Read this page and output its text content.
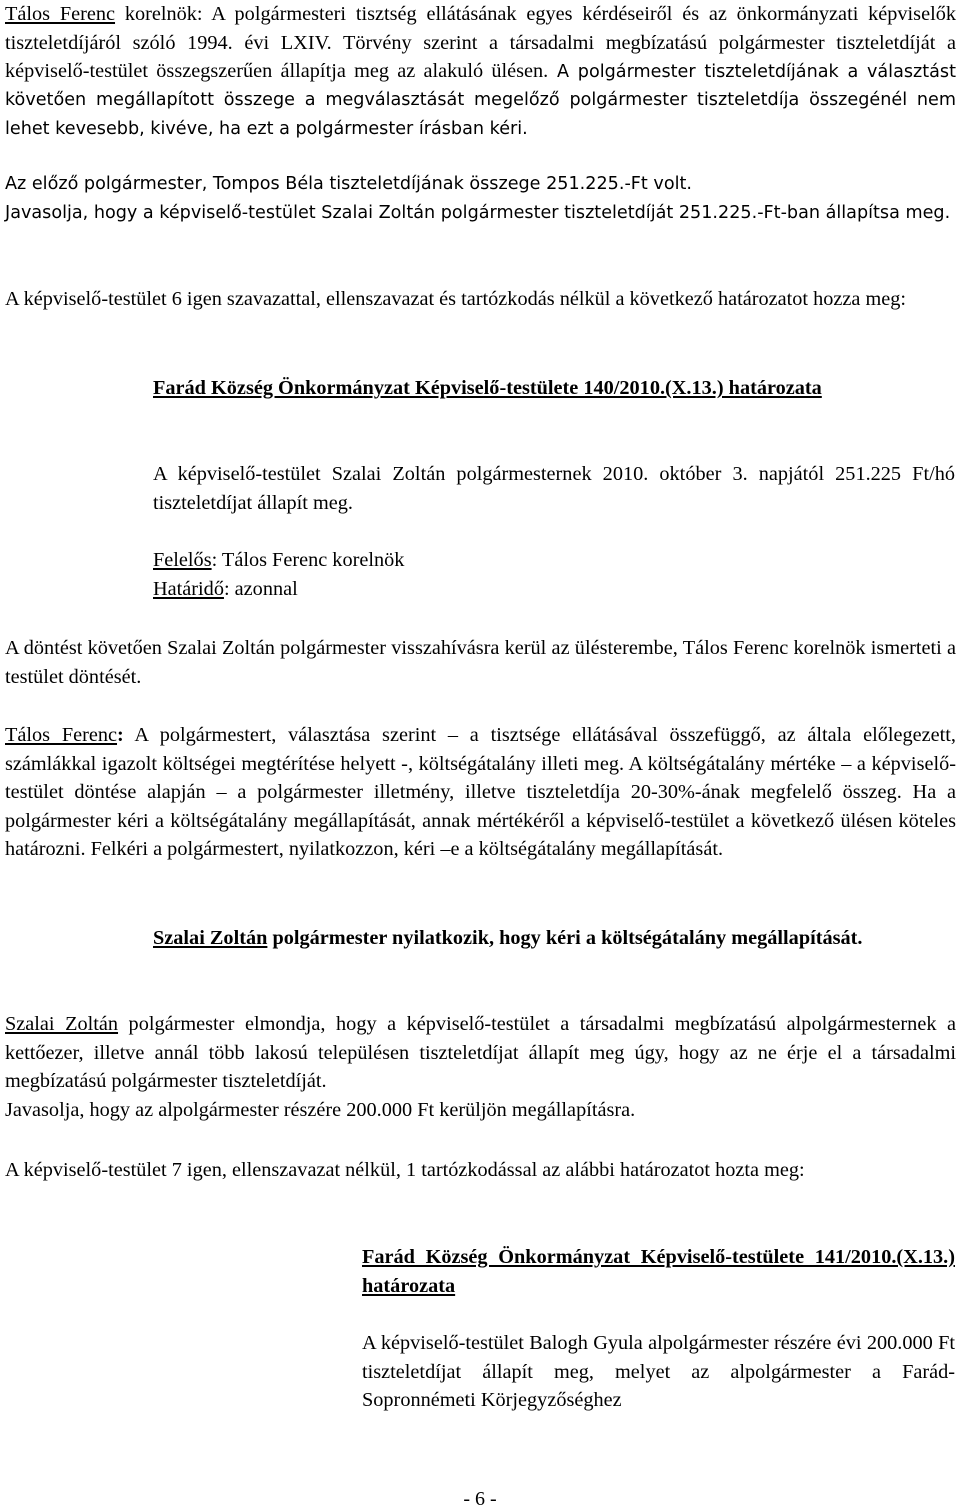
Tálos Ferenc korelnök: A polgármesteri tisztség ellátásának egyes kérdéseiről és az önkormányzati képviselők tiszteletdíjáról szóló 1994. évi LXIV. Törvény szerint a társadalmi megbízatású polgármester tiszteletdíját a képviselő-testület összegszerűen állapítja meg az alakuló ülésen. A polgármester tiszteletdíjának a választást követően megállapított összege a megválasztását megelőző polgármester tiszteletdíja összegénél nem lehet kevesebb, kivéve, ha ezt a polgármester írásban kéri.

Az előző polgármester, Tompos Béla tiszteletdíjának összege 251.225.-Ft volt.

Javasolja, hogy a képviselő-testület Szalai Zoltán polgármester tiszteletdíját 251.225.-Ft-ban állapítsa meg.

A képviselő-testület 6 igen szavazattal, ellenszavazat és tartózkodás nélkül a következő határozatot hozza meg:

Farád Község Önkormányzat Képviselő-testülete 140/2010.(X.13.) határozata

A képviselő-testület Szalai Zoltán polgármesternek 2010. október 3. napjától 251.225 Ft/hó tiszteletdíjat állapít meg.

Felelős: Tálos Ferenc korelnök

Határidő: azonnal

A döntést követően Szalai Zoltán polgármester visszahívásra kerül az ülésterembe, Tálos Ferenc korelnök ismerteti a testület döntését.

Tálos Ferenc: A polgármestert, választása szerint – a tisztsége ellátásával összefüggő, az általa előlegezett, számlákkal igazolt költségei megtérítése helyett -, költségátalány illeti meg. A költségátalány mértéke – a képviselő-testület döntése alapján – a polgármester illetmény, illetve tiszteletdíja 20-30%-ának megfelelő összeg. Ha a polgármester kéri a költségátalány megállapítását, annak mértékéről a képviselő-testület a következő ülésen köteles határozni. Felkéri a polgármestert, nyilatkozzon, kéri –e a költségátalány megállapítását.

Szalai Zoltán polgármester nyilatkozik, hogy kéri a költségátalány megállapítását.

Szalai Zoltán polgármester elmondja, hogy a képviselő-testület a társadalmi megbízatású alpolgármesternek a kettőezer, illetve annál több lakosú településen tiszteletdíjat állapít meg úgy, hogy az ne érje el a társadalmi megbízatású polgármester tiszteletdíját.

Javasolja, hogy az alpolgármester részére 200.000 Ft kerüljön megállapításra.

A képviselő-testület 7 igen, ellenszavazat nélkül, 1 tartózkodással az alábbi határozatot hozta meg:

Farád Község Önkormányzat Képviselő-testülete 141/2010.(X.13.) határozata

A képviselő-testület Balogh Gyula alpolgármester részére évi 200.000 Ft tiszteletdíjat állapít meg, melyet az alpolgármester a Farád-Sopronnémeti Körjegyzőséghez

- 6 -
